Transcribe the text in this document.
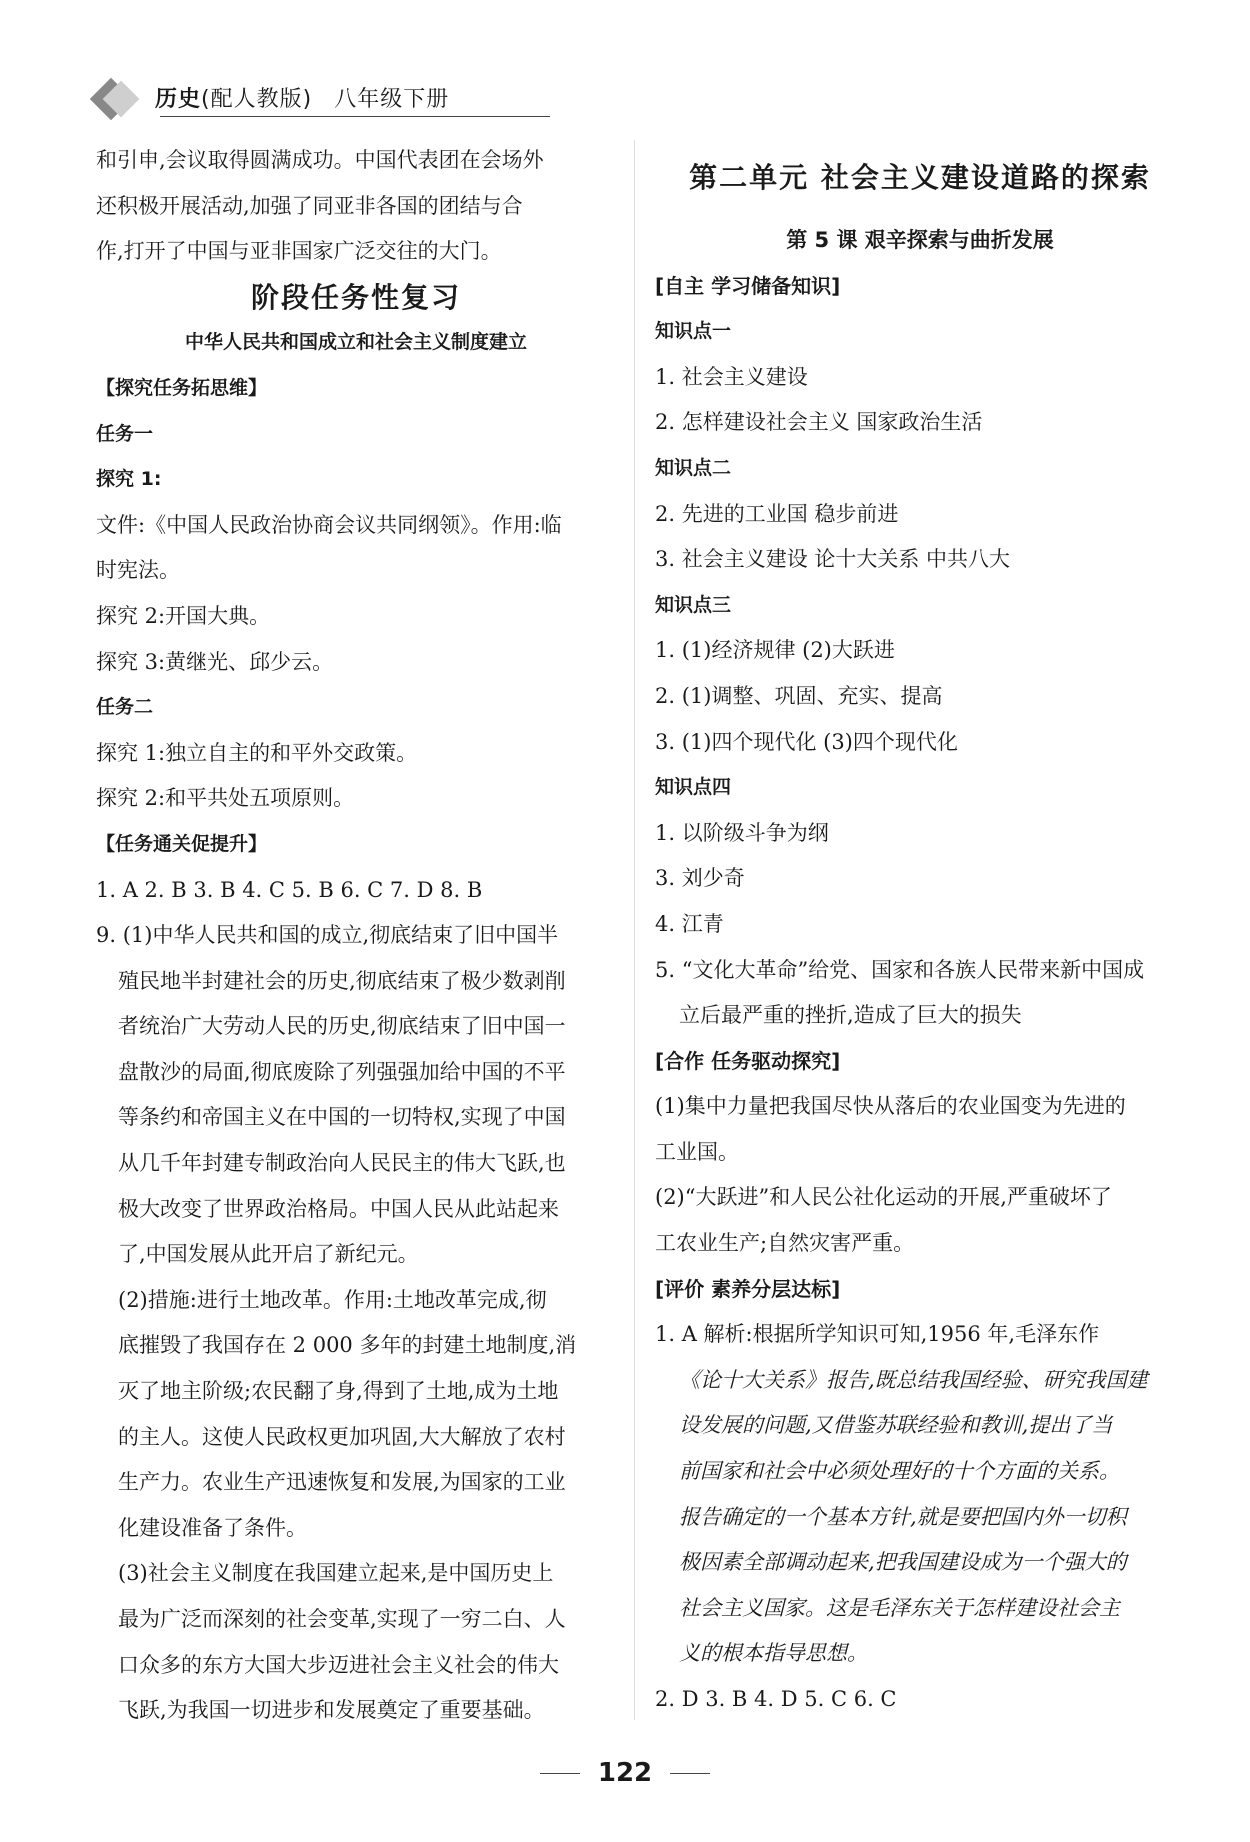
历史(配人教版) 八年级下册
和引申,会议取得圆满成功。中国代表团在会场外
还积极开展活动,加强了同亚非各国的团结与合
作,打开了中国与亚非国家广泛交往的大门。
阶段任务性复习
中华人民共和国成立和社会主义制度建立
【探究任务拓思维】
任务一
探究 1:
文件:《中国人民政治协商会议共同纲领》。作用:临
时宪法。
探究 2:开国大典。
探究 3:黄继光、邱少云。
任务二
探究 1:独立自主的和平外交政策。
探究 2:和平共处五项原则。
【任务通关促提升】
1. A 2. B 3. B 4. C 5. B 6. C 7. D 8. B
9. (1)中华人民共和国的成立,彻底结束了旧中国半
殖民地半封建社会的历史,彻底结束了极少数剥削
者统治广大劳动人民的历史,彻底结束了旧中国一
盘散沙的局面,彻底废除了列强强加给中国的不平
等条约和帝国主义在中国的一切特权,实现了中国
从几千年封建专制政治向人民民主的伟大飞跃,也
极大改变了世界政治格局。中国人民从此站起来
了,中国发展从此开启了新纪元。
(2)措施:进行土地改革。作用:土地改革完成,彻
底摧毁了我国存在 2 000 多年的封建土地制度,消
灭了地主阶级;农民翻了身,得到了土地,成为土地
的主人。这使人民政权更加巩固,大大解放了农村
生产力。农业生产迅速恢复和发展,为国家的工业
化建设准备了条件。
(3)社会主义制度在我国建立起来,是中国历史上
最为广泛而深刻的社会变革,实现了一穷二白、人
口众多的东方大国大步迈进社会主义社会的伟大
飞跃,为我国一切进步和发展奠定了重要基础。
第二单元 社会主义建设道路的探索
第 5 课 艰辛探索与曲折发展
[自主 学习储备知识]
知识点一
1. 社会主义建设
2. 怎样建设社会主义 国家政治生活
知识点二
2. 先进的工业国 稳步前进
3. 社会主义建设 论十大关系 中共八大
知识点三
1. (1)经济规律 (2)大跃进
2. (1)调整、巩固、充实、提高
3. (1)四个现代化 (3)四个现代化
知识点四
1. 以阶级斗争为纲
3. 刘少奇
4. 江青
5. “文化大革命”给党、国家和各族人民带来新中国成
立后最严重的挫折,造成了巨大的损失
[合作 任务驱动探究]
(1)集中力量把我国尽快从落后的农业国变为先进的
工业国。
(2)“大跃进”和人民公社化运动的开展,严重破坏了
工农业生产;自然灾害严重。
[评价 素养分层达标]
1. A 解析:根据所学知识可知,1956 年,毛泽东作
《论十大关系》报告,既总结我国经验、研究我国建
设发展的问题,又借鉴苏联经验和教训,提出了当
前国家和社会中必须处理好的十个方面的关系。
报告确定的一个基本方针,就是要把国内外一切积
极因素全部调动起来,把我国建设成为一个强大的
社会主义国家。这是毛泽东关于怎样建设社会主
义的根本指导思想。
2. D 3. B 4. D 5. C 6. C
122
